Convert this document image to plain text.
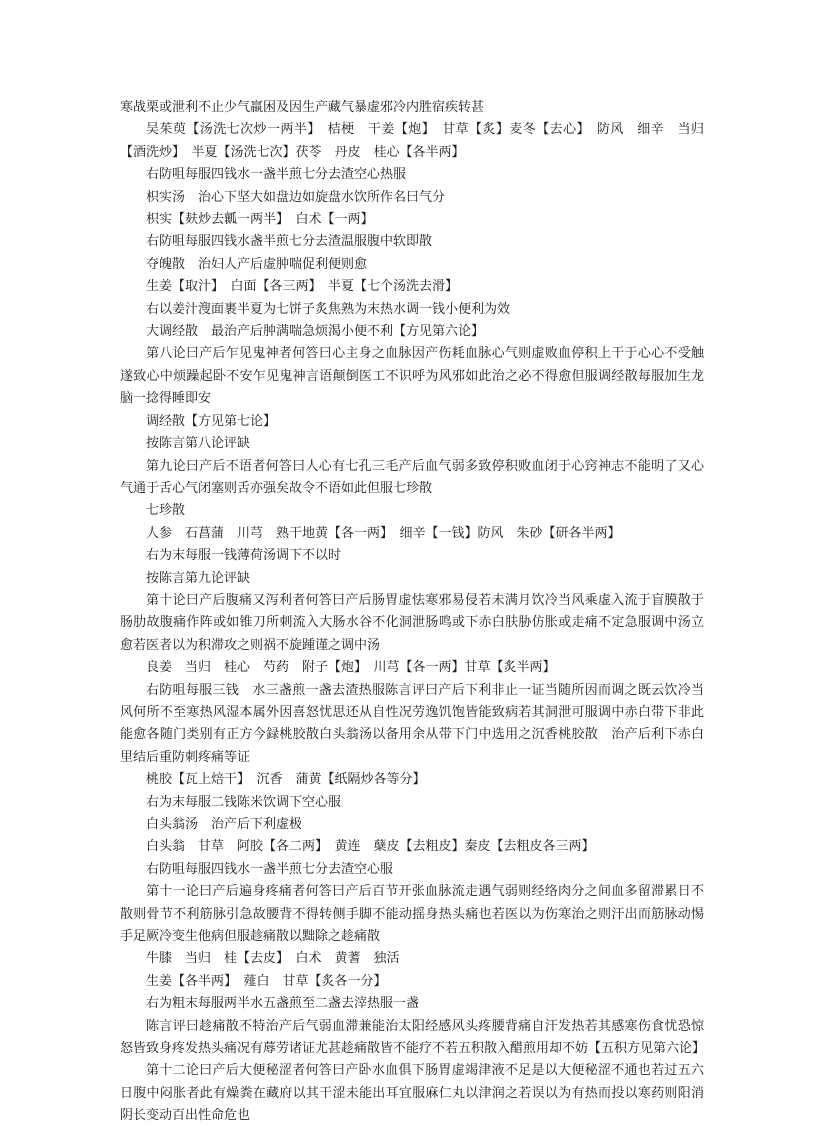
寒战栗或泄利不止少气羸困及因生产藏气暴虚邪冷内胜宿疾转甚
吴茱萸【汤洗七次炒一两半】　桔梗　干姜【炮】　甘草【炙】麦冬【去心】　防风　细辛　当归【酒洗炒】　半夏【汤洗七次】茯苓　丹皮　桂心【各半两】
右防咀每服四钱水一盏半煎七分去渣空心热服
枳实汤　治心下坚大如盘边如旋盘水饮所作名曰气分
枳实【麸炒去瓤一两半】　白术【一两】
右防咀每服四钱水盏半煎七分去渣温服腹中软即散
夺魄散　治妇人产后虚肿喘促利便则愈
生姜【取汁】　白面【各三两】　半夏【七个汤洗去滑】
右以姜汁溲面裹半夏为七饼子炙焦熟为末热水调一钱小便利为效
大调经散　最治产后肿满喘急烦渴小便不利【方见第六论】
第八论曰产后乍见鬼神者何答曰心主身之血脉因产伤耗血脉心气则虚败血停积上干于心心不受触遂致心中烦躁起卧不安乍见鬼神言语颠倒医工不识呼为风邪如此治之必不得愈但服调经散每服加生龙脑一捻得睡即安
调经散【方见第七论】
按陈言第八论评缺
第九论曰产后不语者何答曰人心有七孔三毛产后血气弱多致停积败血闭于心窍神志不能明了又心气通于舌心气闭塞则舌亦强矣故令不语如此但服七珍散
七珍散
人参　石菖蒲　川芎　熟干地黄【各一两】　细辛【一钱】防风　朱砂【研各半两】
右为末每服一钱薄荷汤调下不以时
按陈言第九论评缺
第十论曰产后腹痛又泻利者何答曰产后肠胃虚怯寒邪易侵若未满月饮冷当风乘虚入流于盲膜散于肠肋故腹痛作阵或如锥刀所刺流入大肠水谷不化洞泄肠鸣或下赤白肤胁仿胀或走痛不定急服调中汤立愈若医者以为积滞攻之则祸不旋踵谨之调中汤
良姜　当归　桂心　芍药　附子【炮】　川芎【各一两】甘草【炙半两】
右防咀每服三钱　水三盏煎一盏去渣热服陈言评曰产后下利非止一证当随所因而调之既云饮冷当风何所不至寒热风湿本属外因喜怒忧思还从自性况劳逸饥饱皆能致病若其洞泄可服调中赤白带下非此能愈各随门类别有正方今録桃胶散白头翁汤以备用余从带下门中选用之沉香桃胶散　治产后利下赤白里结后重防刺疼痛等证
桃胶【瓦上焙干】　沉香　蒲黄【纸隔炒各等分】
右为末每服二钱陈米饮调下空心服
白头翁汤　治产后下利虚极
白头翁　甘草　阿胶【各二两】　黄连　蘖皮【去粗皮】秦皮【去粗皮各三两】
右防咀每服四钱水一盏半煎七分去渣空心服
第十一论曰产后遍身疼痛者何答曰产后百节开张血脉流走遇气弱则经络肉分之间血多留滞累日不散则骨节不利筋脉引急故腰背不得转侧手脚不能动摇身热头痛也若医以为伤寒治之则汗出而筋脉动惕手足厥冷变生他病但服趁痛散以黜除之趁痛散
牛膝　当归　桂【去皮】　白术　黄蓍　独活
生姜【各半两】　薤白　甘草【炙各一分】
右为粗末每服两半水五盏煎至二盏去滓热服一盏
陈言评曰趁痛散不特治产后气弱血滞兼能治太阳经感风头疼腰背痛自汗发热若其感寒伤食忧恐惊怒皆致身疼发热头痛况有蓐劳诸证尤甚趁痛散皆不能疗不若五积散入醋煎用却不妨【五积方见第六论】
第十二论曰产后大便秘涩者何答曰产卧水血俱下肠胃虚竭津液不足是以大便秘涩不通也若过五六日腹中闷胀者此有燥粪在藏府以其干涩未能出耳宜服麻仁丸以津润之若误以为有热而投以寒药则阳消阴长变动百出性命危也
